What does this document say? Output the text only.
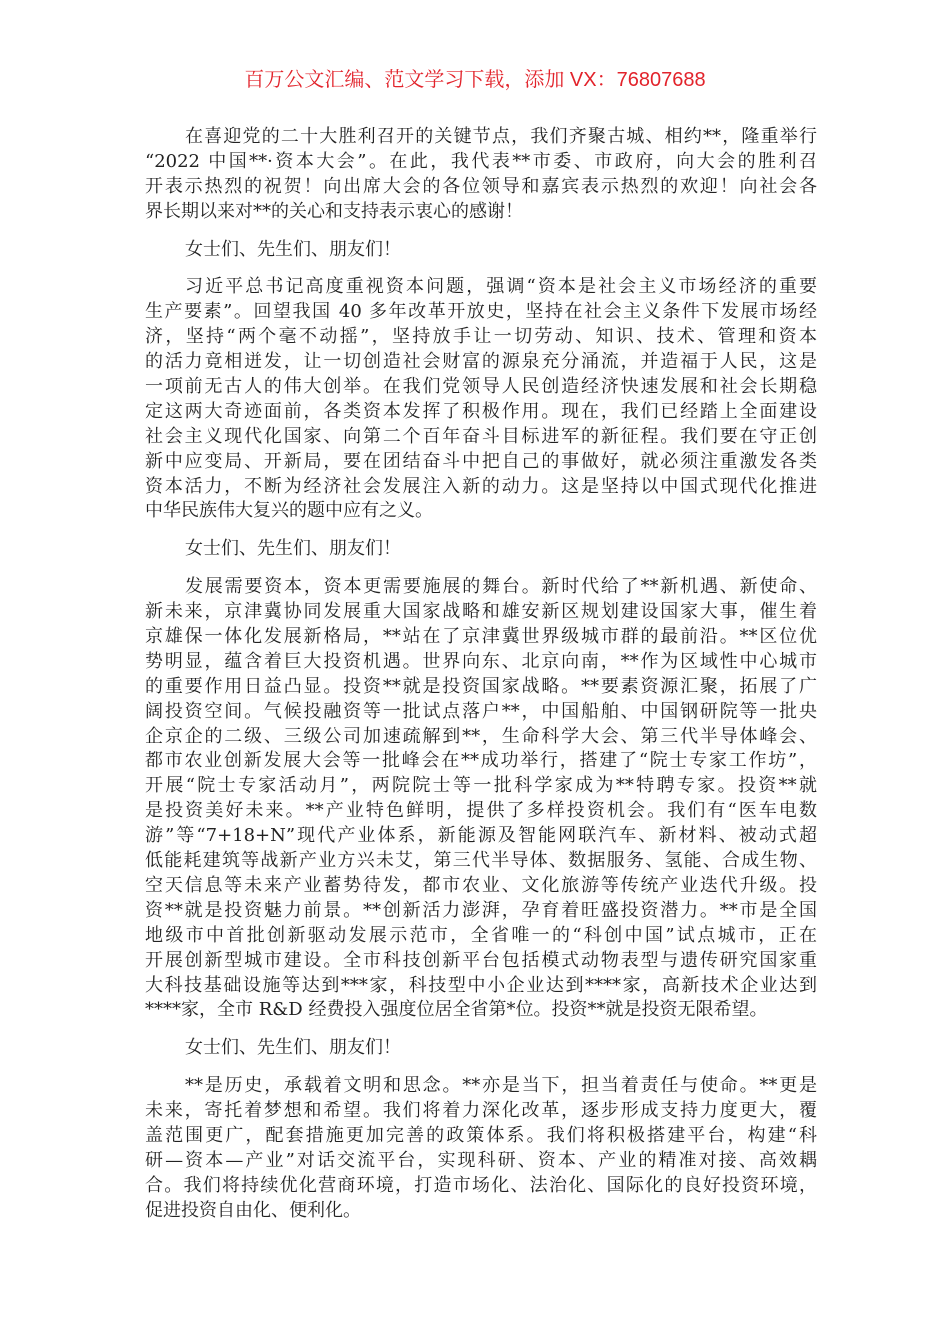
百万公文汇编、范文学习下载，添加 VX：76807688
在喜迎党的二十大胜利召开的关键节点，我们齐聚古城、相约**，隆重举行
“2022 中国**·资本大会”。在此，我代表**市委、市政府，向大会的胜利召
开表示热烈的祝贺！向出席大会的各位领导和嘉宾表示热烈的欢迎！向社会各
界长期以来对**的关心和支持表示衷心的感谢！
女士们、先生们、朋友们！
习近平总书记高度重视资本问题，强调“资本是社会主义市场经济的重要
生产要素”。回望我国 40 多年改革开放史，坚持在社会主义条件下发展市场经
济，坚持“两个毫不动摇”，坚持放手让一切劳动、知识、技术、管理和资本
的活力竟相迸发，让一切创造社会财富的源泉充分涌流，并造福于人民，这是
一项前无古人的伟大创举。在我们党领导人民创造经济快速发展和社会长期稳
定这两大奇迹面前，各类资本发挥了积极作用。现在，我们已经踏上全面建设
社会主义现代化国家、向第二个百年奋斗目标进军的新征程。我们要在守正创
新中应变局、开新局，要在团结奋斗中把自己的事做好，就必须注重激发各类
资本活力，不断为经济社会发展注入新的动力。这是坚持以中国式现代化推进
中华民族伟大复兴的题中应有之义。
女士们、先生们、朋友们！
发展需要资本，资本更需要施展的舞台。新时代给了**新机遇、新使命、
新未来，京津冀协同发展重大国家战略和雄安新区规划建设国家大事，催生着
京雄保一体化发展新格局，**站在了京津冀世界级城市群的最前沿。**区位优
势明显，蕴含着巨大投资机遇。世界向东、北京向南，**作为区域性中心城市
的重要作用日益凸显。投资**就是投资国家战略。**要素资源汇聚，拓展了广
阔投资空间。气候投融资等一批试点落户**，中国船舶、中国钢研院等一批央
企京企的二级、三级公司加速疏解到**，生命科学大会、第三代半导体峰会、
都市农业创新发展大会等一批峰会在**成功举行，搭建了“院士专家工作坊”，
开展“院士专家活动月”，两院院士等一批科学家成为**特聘专家。投资**就
是投资美好未来。**产业特色鲜明，提供了多样投资机会。我们有“医车电数
游”等“7+18+N”现代产业体系，新能源及智能网联汽车、新材料、被动式超
低能耗建筑等战新产业方兴未艾，第三代半导体、数据服务、氢能、合成生物、
空天信息等未来产业蓄势待发，都市农业、文化旅游等传统产业迭代升级。投
资**就是投资魅力前景。**创新活力澎湃，孕育着旺盛投资潜力。**市是全国
地级市中首批创新驱动发展示范市，全省唯一的“科创中国”试点城市，正在
开展创新型城市建设。全市科技创新平台包括模式动物表型与遗传研究国家重
大科技基础设施等达到***家，科技型中小企业达到****家，高新技术企业达到
****家，全市 R&D 经费投入强度位居全省第*位。投资**就是投资无限希望。
女士们、先生们、朋友们！
**是历史，承载着文明和思念。**亦是当下，担当着责任与使命。**更是
未来，寄托着梦想和希望。我们将着力深化改革，逐步形成支持力度更大，覆
盖范围更广，配套措施更加完善的政策体系。我们将积极搭建平台，构建“科
研—资本—产业”对话交流平台，实现科研、资本、产业的精准对接、高效耦
合。我们将持续优化营商环境，打造市场化、法治化、国际化的良好投资环境，
促进投资自由化、便利化。
